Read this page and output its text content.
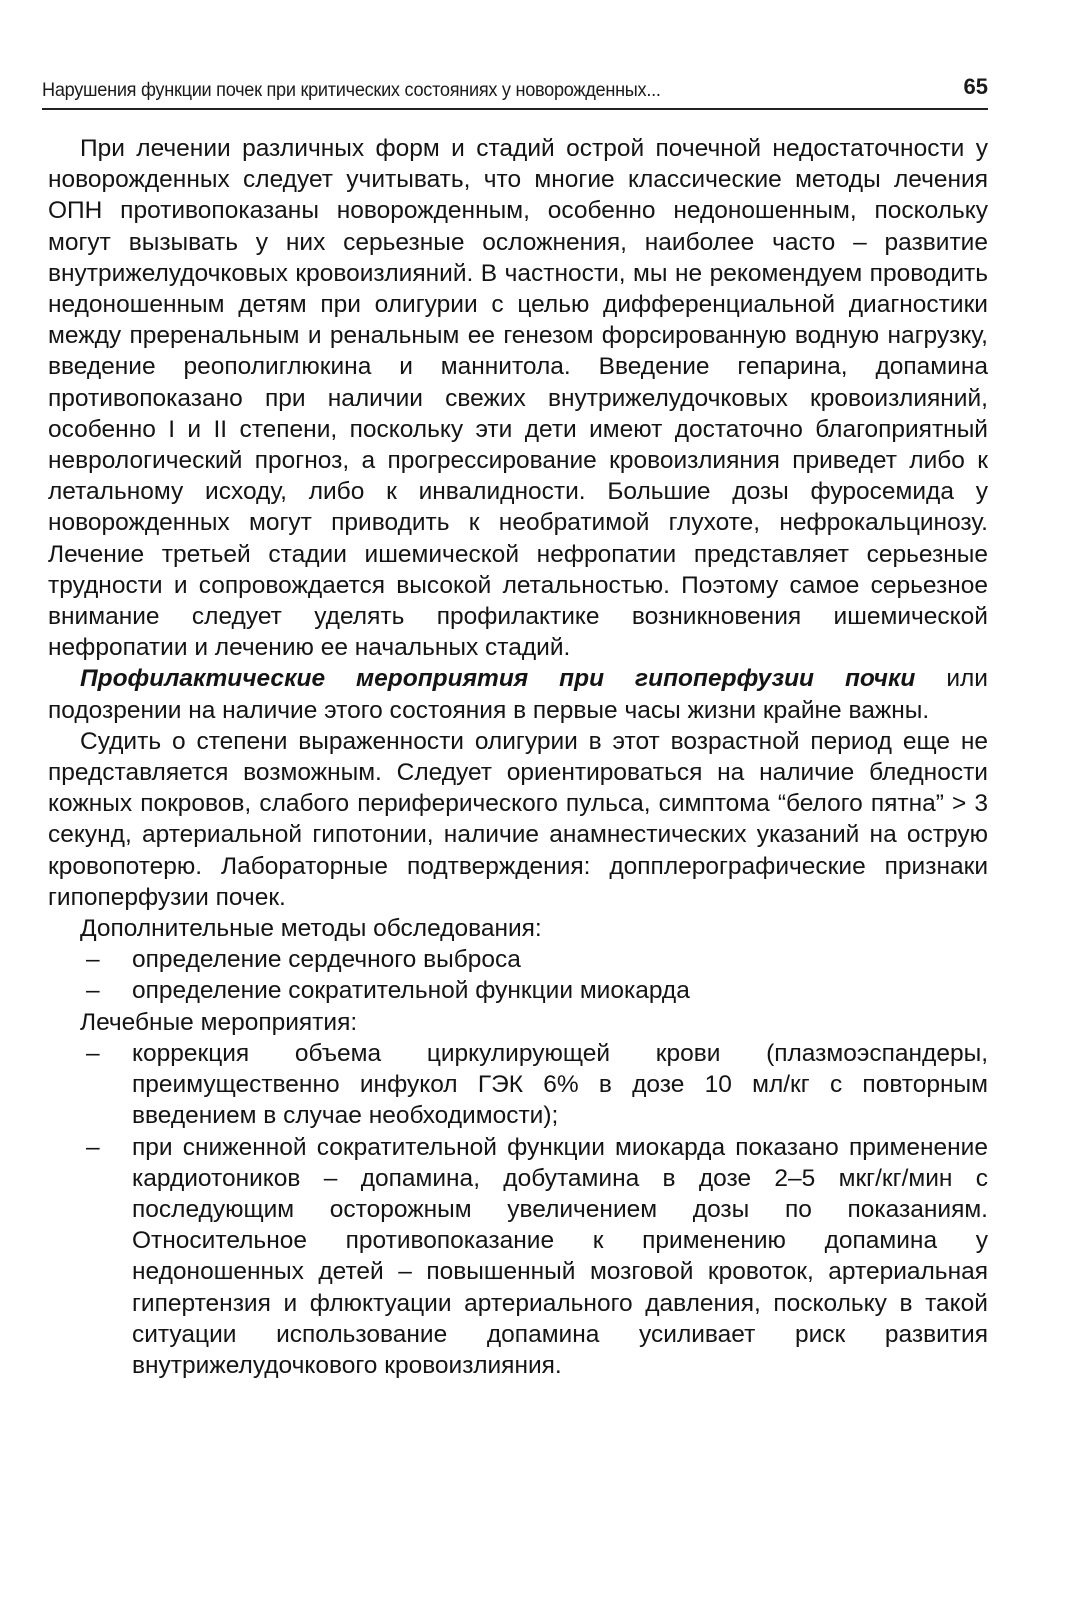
Нарушения функции почек при критических состояниях у новорожденных...	65

При лечении различных форм и стадий острой почечной недостаточности у новорожденных следует учитывать, что многие классические методы лечения ОПН противопоказаны новорожденным, особенно недоношенным, поскольку могут вызывать у них серьезные осложнения, наиболее часто – развитие внутрижелудочковых кровоизлияний. В частности, мы не рекомендуем проводить недоношенным детям при олигурии с целью дифференциальной диагностики между преренальным и ренальным ее генезом форсированную водную нагрузку, введение реополиглюкина и маннитола. Введение гепарина, допамина противопоказано при наличии свежих внутрижелудочковых кровоизлияний, особенно I и II степени, поскольку эти дети имеют достаточно благоприятный неврологический прогноз, а прогрессирование кровоизлияния приведет либо к летальному исходу, либо к инвалидности. Большие дозы фуросемида у новорожденных могут приводить к необратимой глухоте, нефрокальцинозу. Лечение третьей стадии ишемической нефропатии представляет серьезные трудности и сопровождается высокой летальностью. Поэтому самое серьезное внимание следует уделять профилактике возникновения ишемической нефропатии и лечению ее начальных стадий.

Профилактические мероприятия при гипоперфузии почки или подозрении на наличие этого состояния в первые часы жизни крайне важны.

Судить о степени выраженности олигурии в этот возрастной период еще не представляется возможным. Следует ориентироваться на наличие бледности кожных покровов, слабого периферического пульса, симптома “белого пятна” > 3 секунд, артериальной гипотонии, наличие анамнестических указаний на острую кровопотерю. Лабораторные подтверждения: допплерографические признаки гипоперфузии почек.

Дополнительные методы обследования:
– определение сердечного выброса
– определение сократительной функции миокарда
Лечебные мероприятия:
– коррекция объема циркулирующей крови (плазмоэспандеры, преимущественно инфукол ГЭК 6% в дозе 10 мл/кг с повторным введением в случае необходимости);
– при сниженной сократительной функции миокарда показано применение кардиотоников – допамина, добутамина в дозе 2–5 мкг/кг/мин с последующим осторожным увеличением дозы по показаниям. Относительное противопоказание к применению допамина у недоношенных детей – повышенный мозговой кровоток, артериальная гипертензия и флюктуации артериального давления, поскольку в такой ситуации использование допамина усиливает риск развития внутрижелудочкового кровоизлияния.
